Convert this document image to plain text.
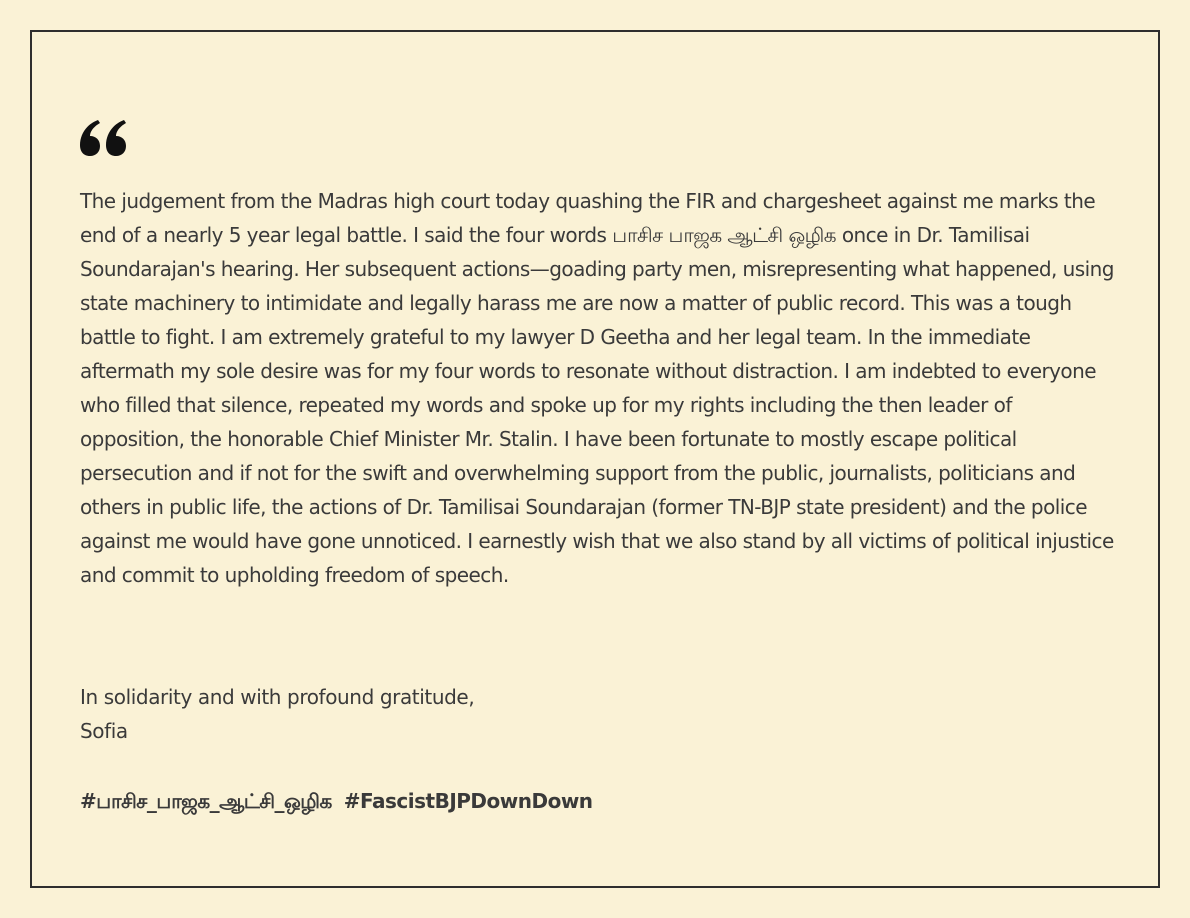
The judgement from the Madras high court today quashing the FIR and chargesheet against me marks the end of a nearly 5 year legal battle. I said the four words பாசிச பாஜக ஆட்சி ஒழிக once in Dr. Tamilisai Soundarajan's hearing. Her subsequent actions—goading party men, misrepresenting what happened, using state machinery to intimidate and legally harass me are now a matter of public record. This was a tough battle to fight. I am extremely grateful to my lawyer D Geetha and her legal team. In the immediate aftermath my sole desire was for my four words to resonate without distraction. I am indebted to everyone who filled that silence, repeated my words and spoke up for my rights including the then leader of opposition, the honorable Chief Minister Mr. Stalin. I have been fortunate to mostly escape political persecution and if not for the swift and overwhelming support from the public, journalists, politicians and others in public life, the actions of Dr. Tamilisai Soundarajan (former TN-BJP state president) and the police against me would have gone unnoticed. I earnestly wish that we also stand by all victims of political injustice and commit to upholding freedom of speech.

In solidarity and with profound gratitude,
Sofia

#பாசிச_பாஜக_ஆட்சி_ஒழிக #FascistBJPDownDown
